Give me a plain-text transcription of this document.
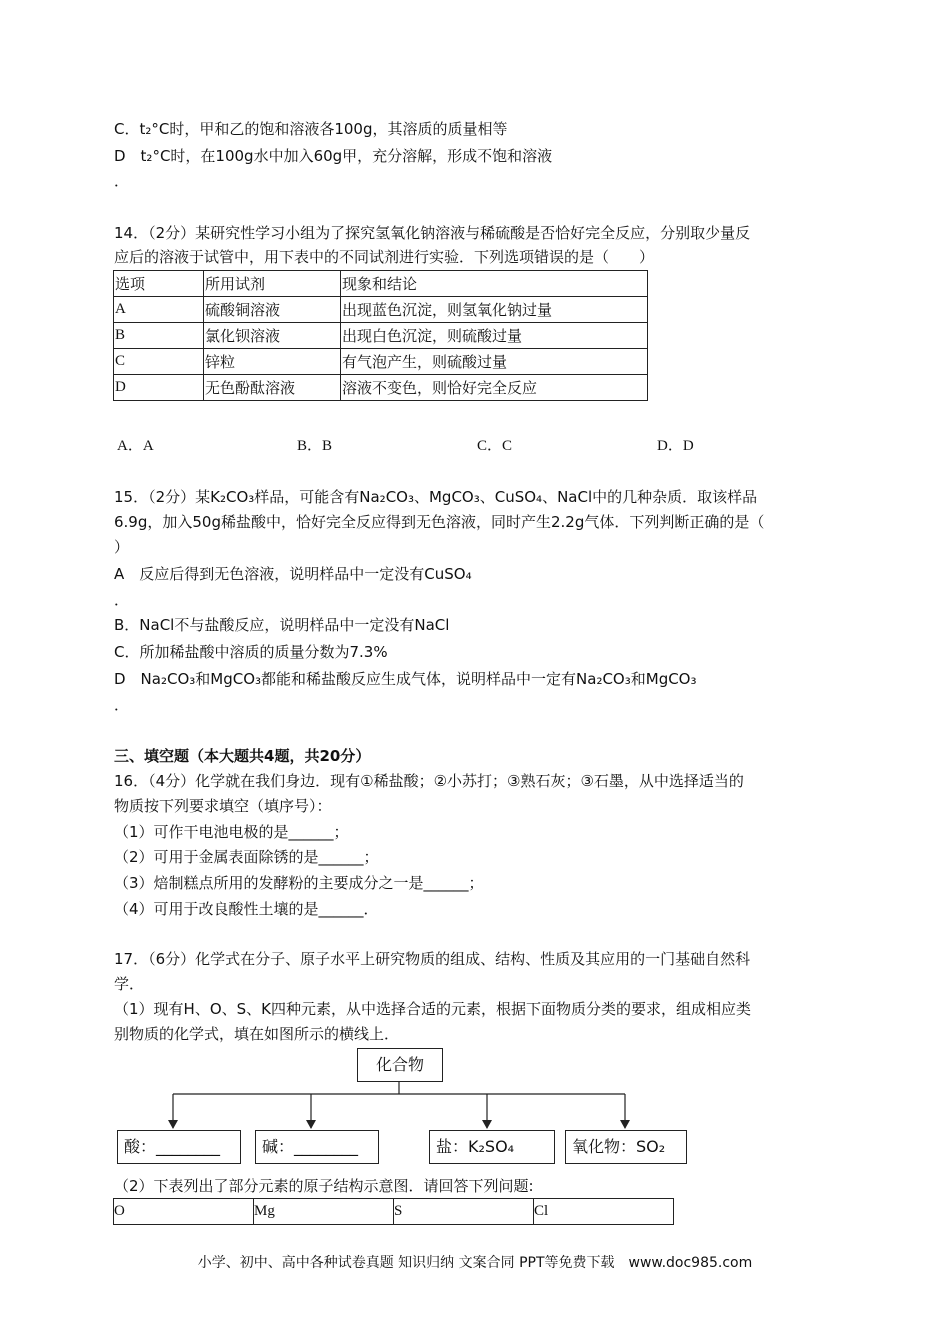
C．t₂°C时，甲和乙的饱和溶液各100g，其溶质的质量相等
D　t₂°C时，在100g水中加入60g甲，充分溶解，形成不饱和溶液
．
14．（2分）某研究性学习小组为了探究氢氧化钠溶液与稀硫酸是否恰好完全反应，分别取少量反
应后的溶液于试管中，用下表中的不同试剂进行实验．下列选项错误的是（　　）
选项	所用试剂	现象和结论
A	硫酸铜溶液	出现蓝色沉淀，则氢氧化钠过量
B	氯化钡溶液	出现白色沉淀，则硫酸过量
C	锌粒	有气泡产生，则硫酸过量
D	无色酚酞溶液	溶液不变色，则恰好完全反应
A．A	B．B	C．C	D．D
15．（2分）某K₂CO₃样品，可能含有Na₂CO₃、MgCO₃、CuSO₄、NaCl中的几种杂质．取该样品
6.9g，加入50g稀盐酸中，恰好完全反应得到无色溶液，同时产生2.2g气体．下列判断正确的是（
）
A　反应后得到无色溶液，说明样品中一定没有CuSO₄
．
B．NaCl不与盐酸反应，说明样品中一定没有NaCl
C．所加稀盐酸中溶质的质量分数为7.3%
D　Na₂CO₃和MgCO₃都能和稀盐酸反应生成气体，说明样品中一定有Na₂CO₃和MgCO₃
．
三、填空题（本大题共4题，共20分）
16．（4分）化学就在我们身边．现有①稀盐酸；②小苏打；③熟石灰；③石墨，从中选择适当的
物质按下列要求填空（填序号）：
（1）可作干电池电极的是______；
（2）可用于金属表面除锈的是______；
（3）焙制糕点所用的发酵粉的主要成分之一是______；
（4）可用于改良酸性土壤的是______．
17．（6分）化学式在分子、原子水平上研究物质的组成、结构、性质及其应用的一门基础自然科
学．
（1）现有H、O、S、K四种元素，从中选择合适的元素，根据下面物质分类的要求，组成相应类
别物质的化学式，填在如图所示的横线上．
化合物
酸：________	碱：________	盐：K₂SO₄	氧化物：SO₂
（2）下表列出了部分元素的原子结构示意图．请回答下列问题:
O	Mg	S	Cl
小学、初中、高中各种试卷真题 知识归纳 文案合同 PPT等免费下载　www.doc985.com
